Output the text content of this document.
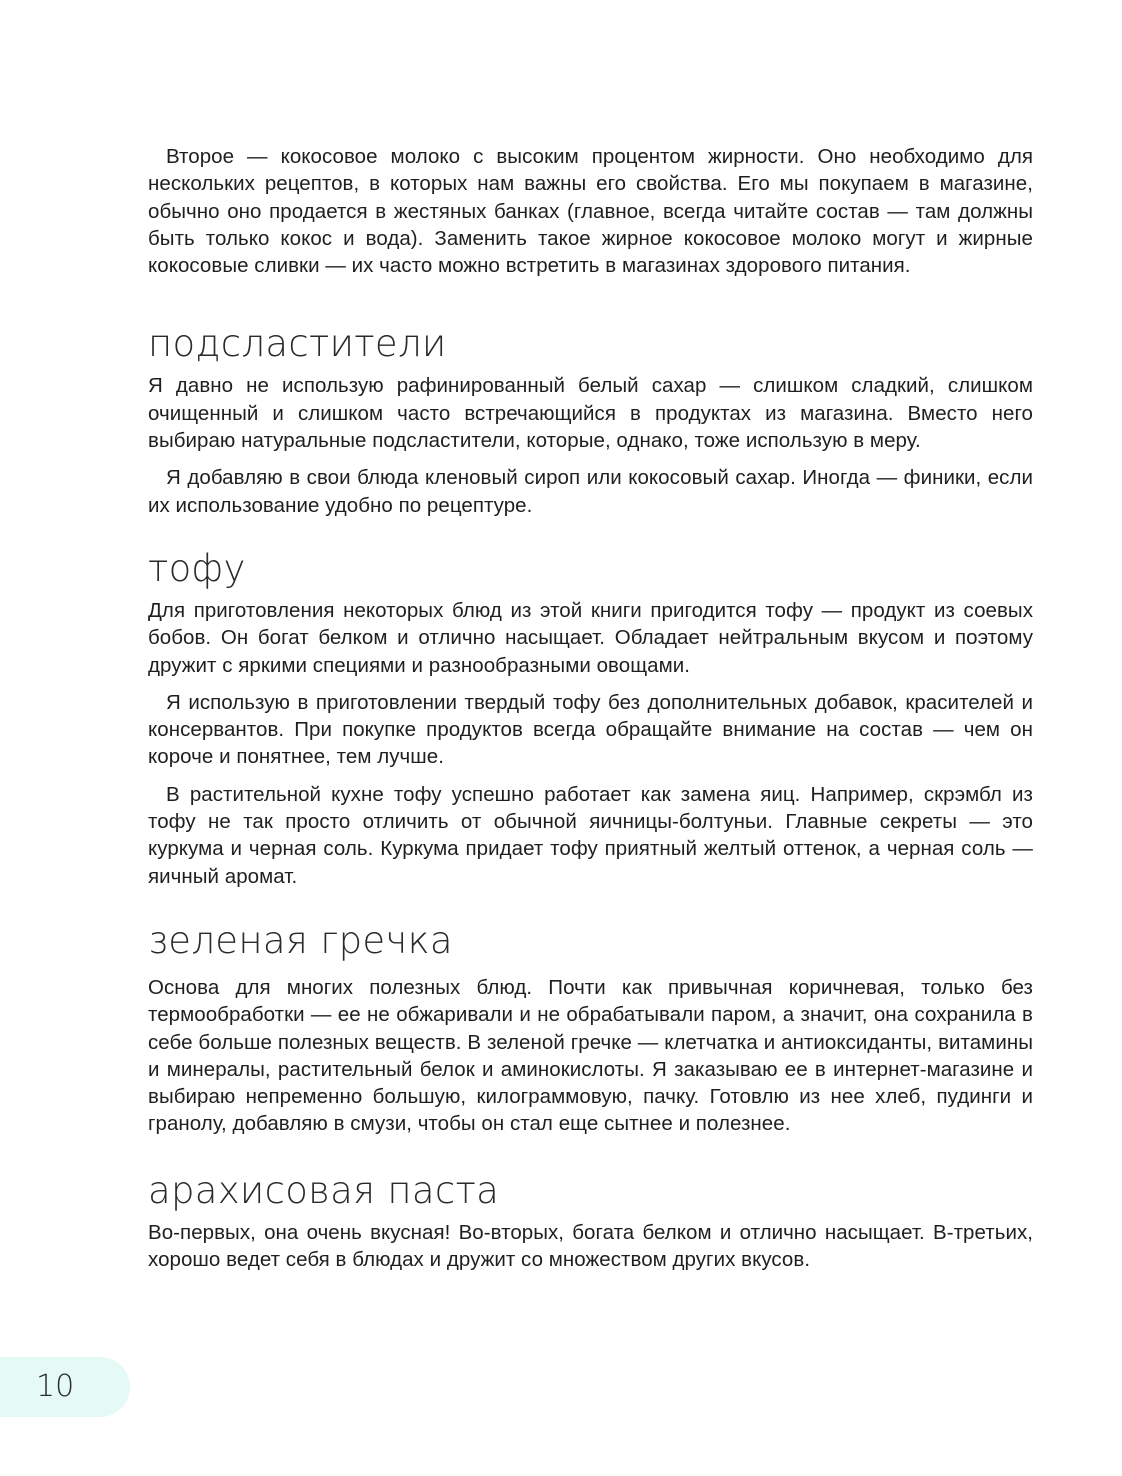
Второе — кокосовое молоко с высоким процентом жирности. Оно необходимо для нескольких рецептов, в которых нам важны его свойства. Его мы покупаем в магазине, обычно оно продается в жестяных банках (главное, всегда читайте состав — там должны быть только кокос и вода). Заменить такое жирное кокосовое молоко могут и жирные кокосовые сливки — их часто можно встретить в магазинах здорового питания.

подсластители

Я давно не использую рафинированный белый сахар — слишком сладкий, слишком очищенный и слишком часто встречающийся в продуктах из магазина. Вместо него выбираю натуральные подсластители, которые, однако, тоже использую в меру.

Я добавляю в свои блюда кленовый сироп или кокосовый сахар. Иногда — финики, если их использование удобно по рецептуре.

тофу

Для приготовления некоторых блюд из этой книги пригодится тофу — продукт из соевых бобов. Он богат белком и отлично насыщает. Обладает нейтральным вкусом и поэтому дружит с яркими специями и разнообразными овощами.

Я использую в приготовлении твердый тофу без дополнительных добавок, красителей и консервантов. При покупке продуктов всегда обращайте внимание на состав — чем он короче и понятнее, тем лучше.

В растительной кухне тофу успешно работает как замена яиц. Например, скрэмбл из тофу не так просто отличить от обычной яичницы-болтуньи. Главные секреты — это куркума и черная соль. Куркума придает тофу приятный желтый оттенок, а черная соль — яичный аромат.

зеленая гречка

Основа для многих полезных блюд. Почти как привычная коричневая, только без термообработки — ее не обжаривали и не обрабатывали паром, а значит, она сохранила в себе больше полезных веществ. В зеленой гречке — клетчатка и антиоксиданты, витамины и минералы, растительный белок и аминокислоты. Я заказываю ее в интернет-магазине и выбираю непременно большую, килограммовую, пачку. Готовлю из нее хлеб, пудинги и гранолу, добавляю в смузи, чтобы он стал еще сытнее и полезнее.

арахисовая паста

Во-первых, она очень вкусная! Во-вторых, богата белком и отлично насыщает. В-третьих, хорошо ведет себя в блюдах и дружит со множеством других вкусов.

10
